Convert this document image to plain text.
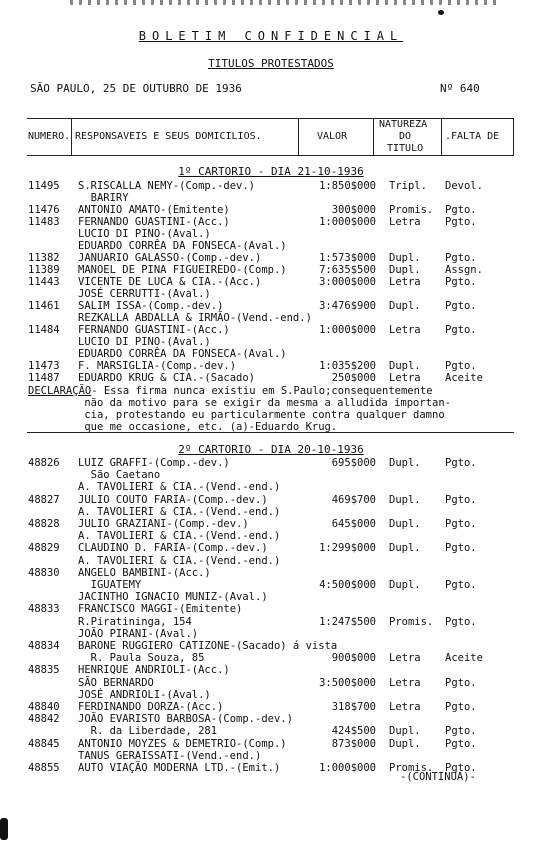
BOLETIM CONFIDENCIAL
TITULOS PROTESTADOS
SÃO PAULO, 25 DE OUTUBRO DE 1936	Nº 640
NUMERO. RESPONSAVEIS E SEUS DOMICILIOS.	VALOR
NATUREZA
DO
TITULO
.FALTA DE
1º CARTORIO - DIA 21-10-1936
11495 S.RISCALLA NEMY-(Comp.-dev.)	1:850$000 Tripl. Devol.
BARIRY
11476 ANTONIO AMATO-(Emitente)	300$000 Promis. Pgto.
11483 FERNANDO GUASTINI-(Acc.)	1:000$000 Letra Pgto.
LUCIO DI PINO-(Aval.)
EDUARDO CORRÊA DA FONSECA-(Aval.)
11382 JANUARIO GALASSO-(Comp.-dev.)	1:573$000 Dupl. Pgto.
11389 MANOEL DE PINA FIGUEIREDO-(Comp.)	7:635$500 Dupl. Assgn.
11443 VICENTE DE LUCA & CIA.-(Acc.)	3:000$000 Letra Pgto.
JOSÉ CERRUTTI-(Aval.)
11461 SALIM ISSA-(Comp.-dev.)	3:476$900 Dupl. Pgto.
REZKALLA ABDALLA & IRMÃO-(Vend.-end.)
11484 FERNANDO GUASTINI-(Acc.)	1:000$000 Letra Pgto.
LUCIO DI PINO-(Aval.)
EDUARDO CORRÊA DA FONSECA-(Aval.)
11473 F. MARSIGLIA-(Comp.-dev.)	1:035$200 Dupl. Pgto.
11487 EDUARDO KRUG & CIA.-(Sacado)	250$000 Letra Aceite
DECLARAÇÃO- Essa firma nunca existiu em S.Paulo;consequentemente
não da motivo para se exigir da mesma a alludida importan-
cia, protestando eu particularmente contra qualquer damno
que me occasione, etc. (a)-Eduardo Krug.
2º CARTORIO - DIA 20-10-1936
48826 LUIZ GRAFFI-(Comp.-dev.)	695$000 Dupl. Pgto.
São Caetano
A. TAVOLIERI & CIA.-(Vend.-end.)
48827 JULIO COUTO FARIA-(Comp.-dev.)	469$700 Dupl. Pgto.
A. TAVOLIERI & CIA.-(Vend.-end.)
48828 JULIO GRAZIANI-(Comp.-dev.)	645$000 Dupl. Pgto.
A. TAVOLIERI & CIA.-(Vend.-end.)
48829 CLAUDINO D. FARIA-(Comp.-dev.)	1:299$000 Dupl. Pgto.
A. TAVOLIERI & CIA.-(Vend.-end.)
48830 ANGELO BAMBINI-(Acc.)
IGUATEMY	4:500$000 Dupl. Pgto.
JACINTHO IGNACIO MUNIZ-(Aval.)
48833 FRANCISCO MAGGI-(Emitente)
R.Piratininga, 154	1:247$500 Promis. Pgto.
JOÃO PIRANI-(Aval.)
48834 BARONE RUGGIERO CATIZONE-(Sacado) á vista
R. Paula Souza, 85	900$000 Letra Aceite
48835 HENRIQUE ANDRIOLI-(Acc.)
SÃO BERNARDO	3:500$000 Letra Pgto.
JOSÉ ANDRIOLI-(Aval.)
48840 FERDINANDO DORZA-(Acc.)	318$700 Letra Pgto.
48842 JOÃO EVARISTO BARBOSA-(Comp.-dev.)
R. da Liberdade, 281	424$500 Dupl. Pgto.
48845 ANTONIO MOYZES & DEMETRIO-(Comp.)	873$000 Dupl. Pgto.
TANUS GERAISSATI-(Vend.-end.)
48855 AUTO VIAÇÃO MODERNA LTD.-(Emit.)	1:000$000 Promis. Pgto.
-(CONTINUA)-
